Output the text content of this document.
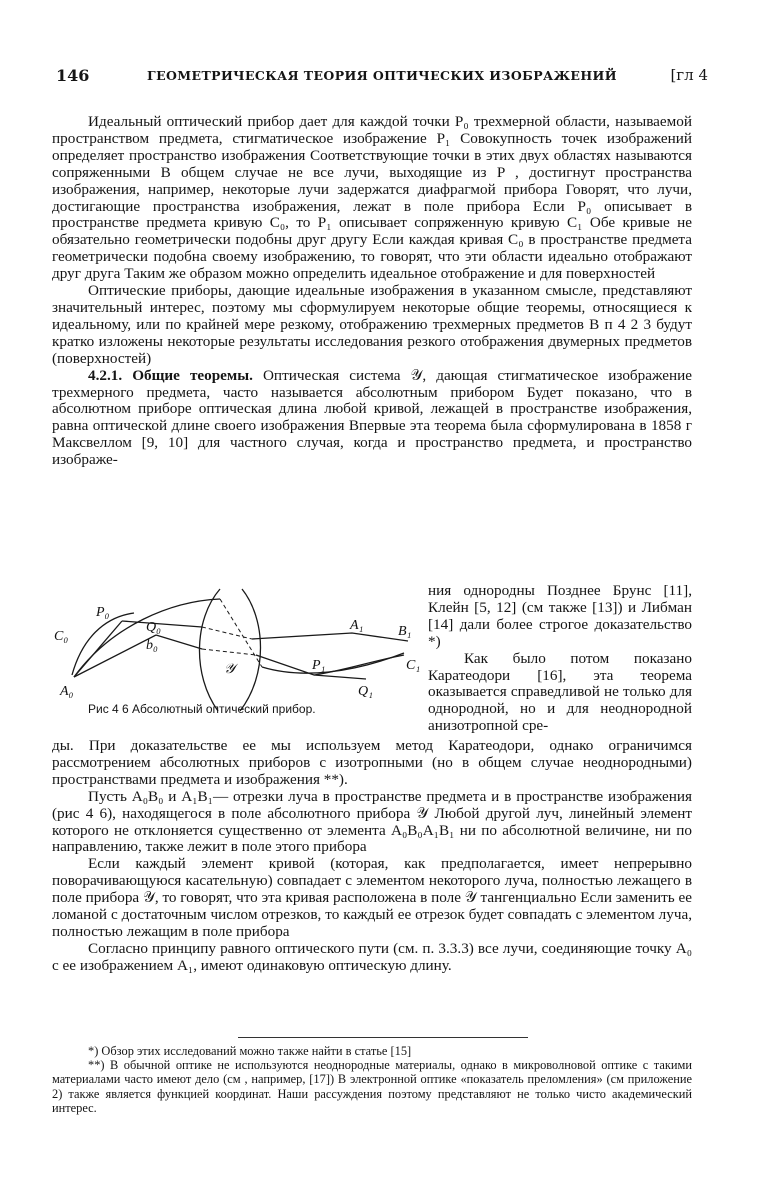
146	ГЕОМЕТРИЧЕСКАЯ ТЕОРИЯ ОПТИЧЕСКИХ ИЗОБРАЖЕНИЙ	[гл 4

Идеальный оптический прибор дает для каждой точки P₀ трехмерной области, называемой пространством предмета, стигматическое изображение P₁ Совокупность точек изображений определяет пространство изображения Соответствующие точки в этих двух областях называются сопряженными В общем случае не все лучи, выходящие из P , достигнут пространства изображения, например, некоторые лучи задержатся диафрагмой прибора Говорят, что лучи, достигающие пространства изображения, лежат в поле прибора Если P₀ описывает в пространстве предмета кривую C₀, то P₁ описывает сопряженную кривую C₁ Обе кривые не обязательно геометрически подобны друг другу Если каждая кривая C₀ в пространстве предмета геометрически подобна своему изображению, то говорят, что эти области идеально отображают друг друга Таким же образом можно определить идеальное отображение и для поверхностей

Оптические приборы, дающие идеальные изображения в указанном смысле, представляют значительный интерес, поэтому мы сформулируем некоторые общие теоремы, относящиеся к идеальному, или по крайней мере резкому, отображению трехмерных предметов В п 4 2 3 будут кратко изложены некоторые результаты исследования резкого отображения двумерных предметов (поверхностей)

4.2.1. Общие теоремы. Оптическая система 𝒴, дающая стигматическое изображение трехмерного предмета, часто называется абсолютным прибором Будет показано, что в абсолютном приборе оптическая длина любой кривой, лежащей в пространстве изображения, равна оптической длине своего изображения Впервые эта теорема была сформулирована в 1858 г Максвеллом [9, 10] для частного случая, когда и пространство предмета, и пространство изображе-

P₀
Q₀
C₀
b₀
A₀
A₁ B₁
P₁	C₁
Q₁
𝒴
Рис 4 6 Абсолютный оптический прибор.

ния однородны Позднее Брунс [11], Клейн [5, 12] (см также [13]) и Либман [14] дали более строгое доказательство *)

Как было потом показано Каратеодори [16], эта теорема оказывается справедливой не только для однородной, но и для неоднородной анизотропной сре-

ды. При доказательстве ее мы используем метод Каратеодори, однако ограничимся рассмотрением абсолютных приборов с изотропными (но в общем случае неоднородными) пространствами предмета и изображения **).

Пусть A₀B₀ и A₁B₁— отрезки луча в пространстве предмета и в пространстве изображения (рис 4 6), находящегося в поле абсолютного прибора 𝒴 Любой другой луч, линейный элемент которого не отклоняется существенно от элемента A₀B₀A₁B₁ ни по абсолютной величине, ни по направлению, также лежит в поле этого прибора

Если каждый элемент кривой (которая, как предполагается, имеет непрерывно поворачивающуюся касательную) совпадает с элементом некоторого луча, полностью лежащего в поле прибора 𝒴, то говорят, что эта кривая расположена в поле 𝒴 тангенциально Если заменить ее ломаной с достаточным числом отрезков, то каждый ее отрезок будет совпадать с элементом луча, полностью лежащим в поле прибора

Согласно принципу равного оптического пути (см. п. 3.3.3) все лучи, соединяющие точку A₀ с ее изображением A₁, имеют одинаковую оптическую длину.

*) Обзор этих исследований можно также найти в статье [15]

**) В обычной оптике не используются неоднородные материалы, однако в микроволновой оптике с такими материалами часто имеют дело (см , например, [17]) В электронной оптике «показатель преломления» (см приложение 2) также является функцией координат. Наши рассуждения поэтому представляют не только чисто академический интерес.
